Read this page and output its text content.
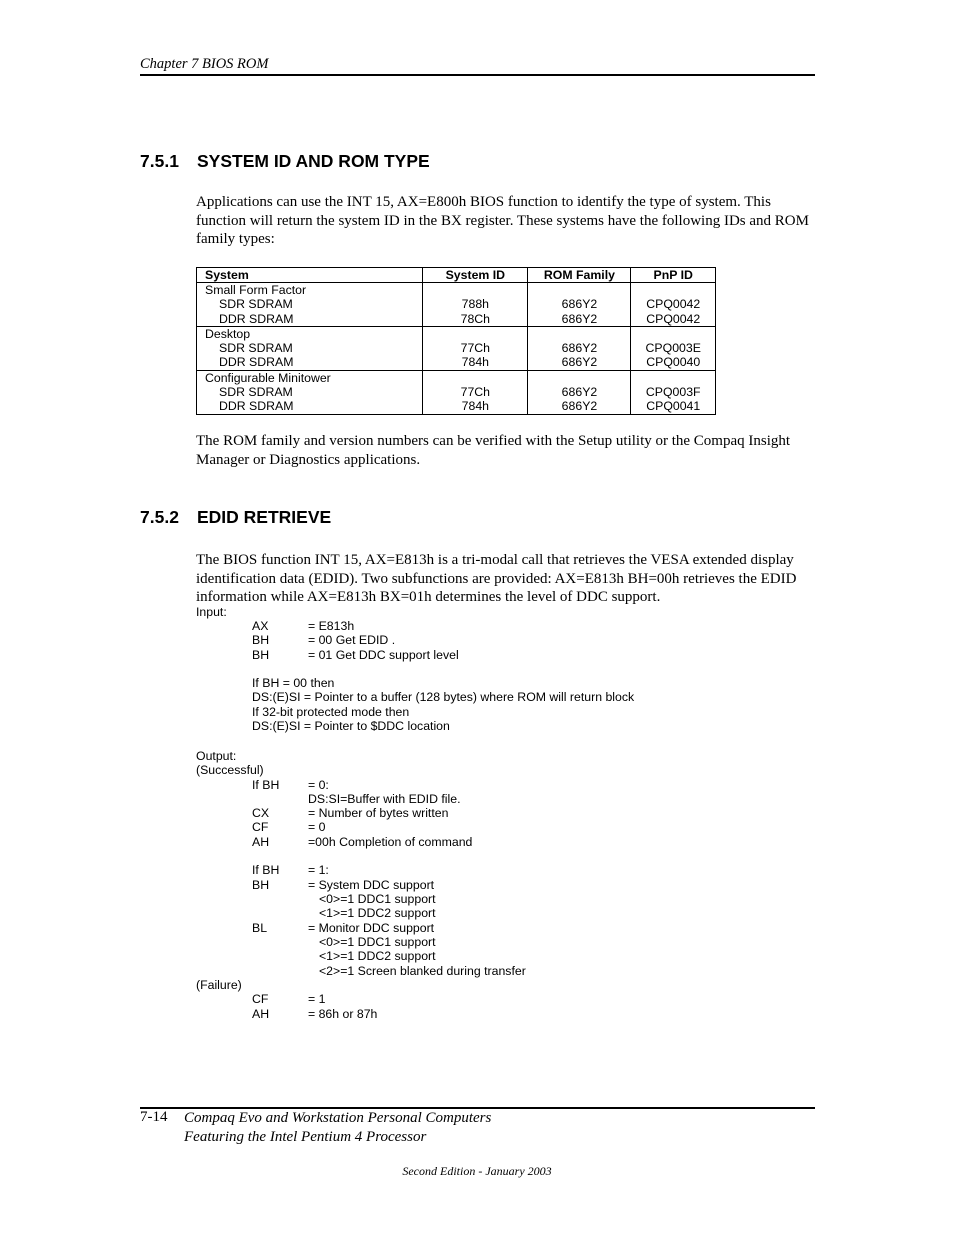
Chapter 7 BIOS ROM
7.5.1 SYSTEM ID AND ROM TYPE
Applications can use the INT 15, AX=E800h BIOS function to identify the type of system. This function will return the system ID in the BX register. These systems have the following IDs and ROM family types:
System	System ID	ROM Family	PnP ID
Small Form Factor			
SDR SDRAM	788h	686Y2	CPQ0042
DDR SDRAM	78Ch	686Y2	CPQ0042
Desktop			
SDR SDRAM	77Ch	686Y2	CPQ003E
DDR SDRAM	784h	686Y2	CPQ0040
Configurable Minitower			
SDR SDRAM	77Ch	686Y2	CPQ003F
DDR SDRAM	784h	686Y2	CPQ0041
The ROM family and version numbers can be verified with the Setup utility or the Compaq Insight Manager or Diagnostics applications.
7.5.2 EDID RETRIEVE
The BIOS function INT 15, AX=E813h is a tri-modal call that retrieves the VESA extended display identification data (EDID). Two subfunctions are provided: AX=E813h BH=00h retrieves the EDID information while AX=E813h BX=01h determines the level of DDC support.
Input:
AX	= E813h
BH	= 00 Get EDID .
BH	= 01 Get DDC support level
If BH = 00 then
DS:(E)SI = Pointer to a buffer (128 bytes) where ROM will return block
If 32-bit protected mode then
DS:(E)SI = Pointer to $DDC location
Output:
(Successful)
If BH = 0:
DS:SI=Buffer with EDID file.
CX	= Number of bytes written
CF	= 0
AH	=00h Completion of command
If BH = 1:
BH	= System DDC support
<0>=1 DDC1 support
<1>=1 DDC2 support
BL	= Monitor DDC support
<0>=1 DDC1 support
<1>=1 DDC2 support
<2>=1 Screen blanked during transfer
(Failure)
CF	= 1
AH	= 86h or 87h
7-14 Compaq Evo and Workstation Personal Computers
Featuring the Intel Pentium 4 Processor
Second Edition - January 2003
